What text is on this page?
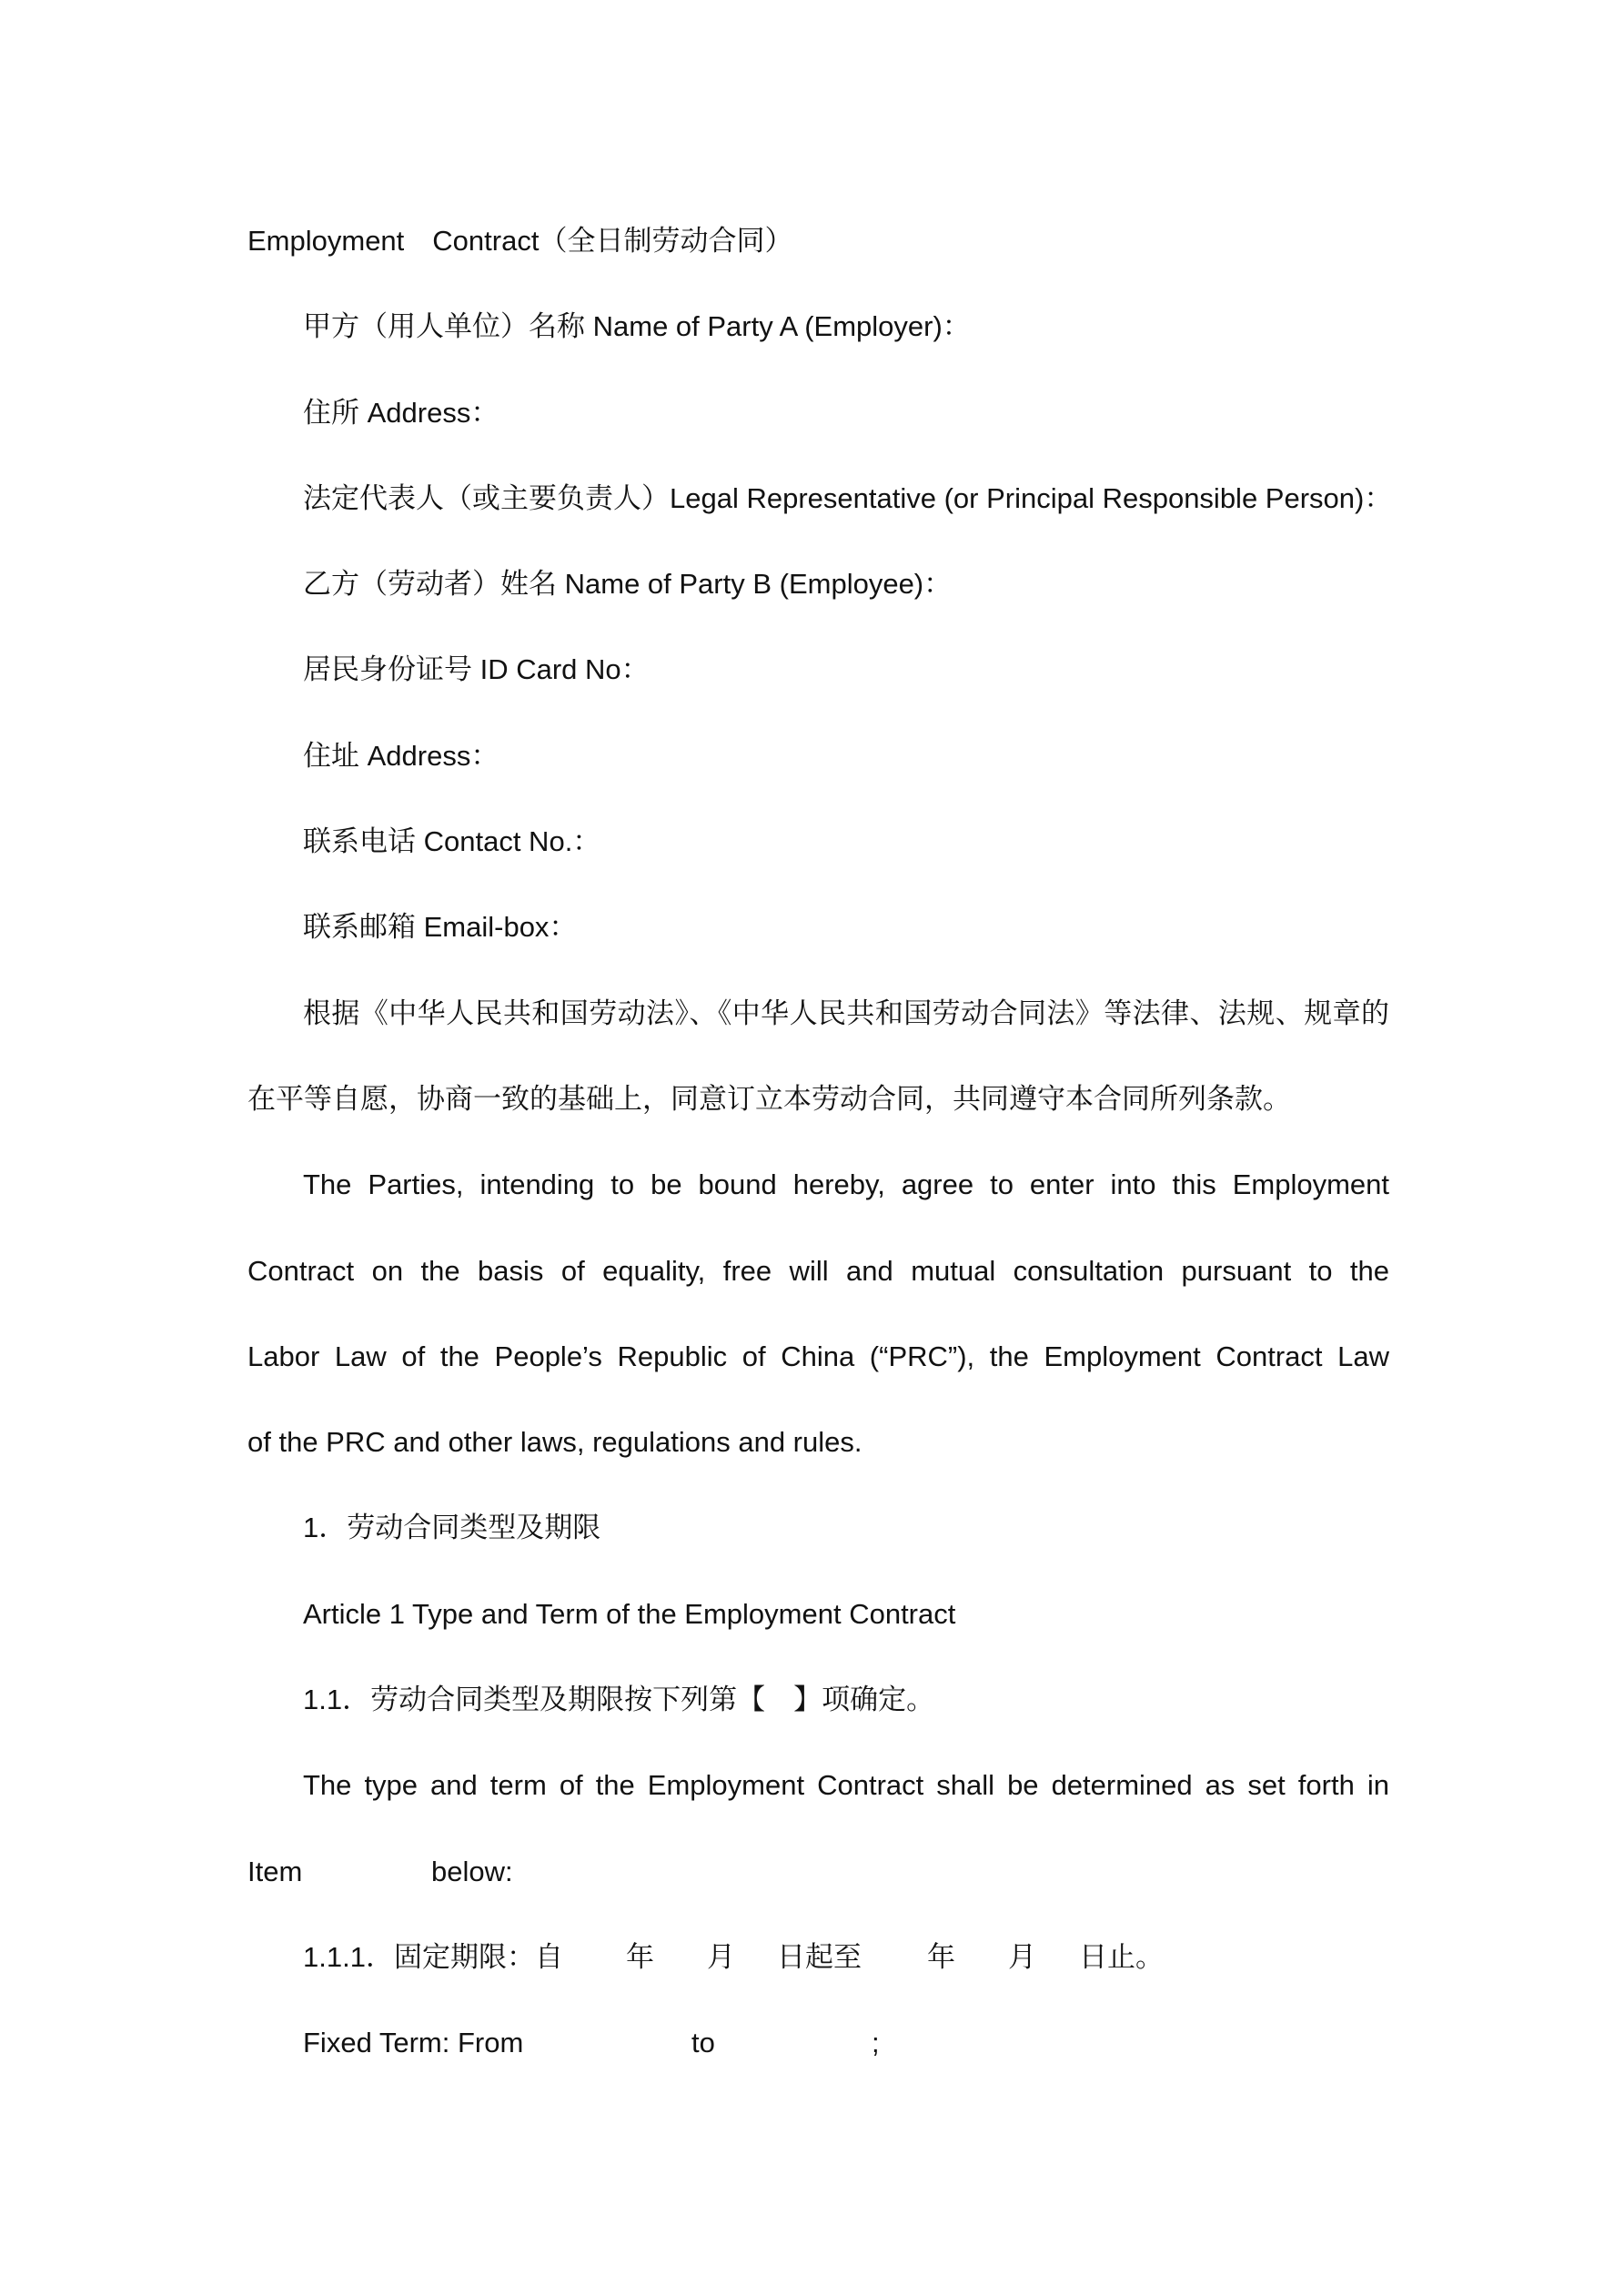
Employment　Contract（全日制劳动合同）
甲方（用人单位）名称 Name of Party A (Employer)：
住所 Address：
法定代表人（或主要负责人）Legal Representative (or Principal Responsible Person)：
乙方（劳动者）姓名 Name of Party B (Employee)：
居民身份证号 ID Card No：
住址 Address：
联系电话 Contact No.：
联系邮箱 Email-box：
根据《中华人民共和国劳动法》、《中华人民共和国劳动合同法》等法律、法规、规章的
在平等自愿，协商一致的基础上，同意订立本劳动合同，共同遵守本合同所列条款。
The Parties, intending to be bound hereby, agree to enter into this Employment
Contract on the basis of equality, free will and mutual consultation pursuant to the
Labor Law of the People’s Republic of China (“PRC”), the Employment Contract Law
of the PRC and other laws, regulations and rules.
1．劳动合同类型及期限
Article 1 Type and Term of the Employment Contract
1.1．劳动合同类型及期限按下列第【　】项确定。
The type and term of the Employment Contract shall be determined as set forth in
Item	below:
1.1.1．固定期限：自 年 月 日起至 年 月 日止。
Fixed Term: From	to	;
